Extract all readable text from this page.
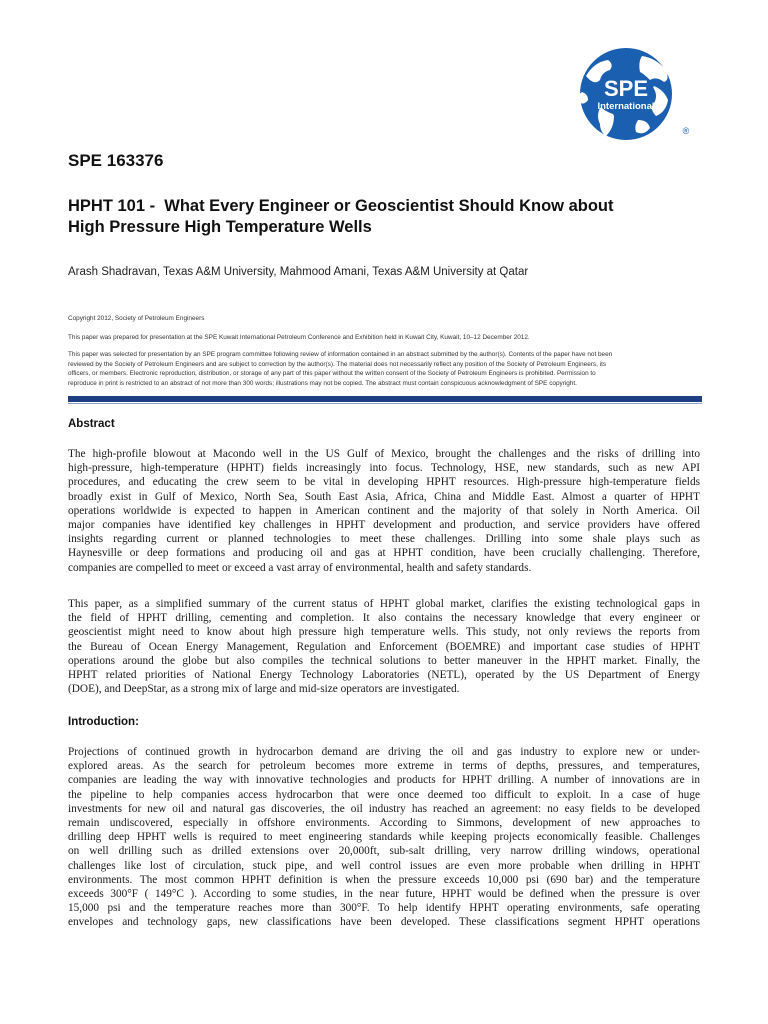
SPE
International
®
SPE 163376
HPHT 101 -  What Every Engineer or Geoscientist Should Know about
High Pressure High Temperature Wells
Arash Shadravan, Texas A&M University, Mahmood Amani, Texas A&M University at Qatar
Copyright 2012, Society of Petroleum Engineers
This paper was prepared for presentation at the SPE Kuwait International Petroleum Conference and Exhibition held in Kuwait City, Kuwait, 10–12 December 2012.
This paper was selected for presentation by an SPE program committee following review of information contained in an abstract submitted by the author(s). Contents of the paper have not been
reviewed by the Society of Petroleum Engineers and are subject to correction by the author(s). The material does not necessarily reflect any position of the Society of Petroleum Engineers, its
officers, or members. Electronic reproduction, distribution, or storage of any part of this paper without the written consent of the Society of Petroleum Engineers is prohibited. Permission to
reproduce in print is restricted to an abstract of not more than 300 words; illustrations may not be copied. The abstract must contain conspicuous acknowledgment of SPE copyright.
Abstract
The high-profile blowout at Macondo well in the US Gulf of Mexico, brought the challenges and the risks of drilling into
high-pressure, high-temperature (HPHT) fields increasingly into focus. Technology, HSE, new standards, such as new API
procedures, and educating the crew seem to be vital in developing HPHT resources. High-pressure high-temperature fields
broadly exist in Gulf of Mexico, North Sea, South East Asia, Africa, China and Middle East. Almost a quarter of HPHT
operations worldwide is expected to happen in American continent and the majority of that solely in North America. Oil
major companies have identified key challenges in HPHT development and production, and service providers have offered
insights regarding current or planned technologies to meet these challenges. Drilling into some shale plays such as
Haynesville or deep formations and producing oil and gas at HPHT condition, have been crucially challenging. Therefore,
companies are compelled to meet or exceed a vast array of environmental, health and safety standards.
This paper, as a simplified summary of the current status of HPHT global market, clarifies the existing technological gaps in
the field of HPHT drilling, cementing and completion. It also contains the necessary knowledge that every engineer or
geoscientist might need to know about high pressure high temperature wells. This study, not only reviews the reports from
the Bureau of Ocean Energy Management, Regulation and Enforcement (BOEMRE) and important case studies of HPHT
operations around the globe but also compiles the technical solutions to better maneuver in the HPHT market. Finally, the
HPHT related priorities of National Energy Technology Laboratories (NETL), operated by the US Department of Energy
(DOE), and DeepStar, as a strong mix of large and mid-size operators are investigated.
Introduction:
Projections of continued growth in hydrocarbon demand are driving the oil and gas industry to explore new or under-
explored areas. As the search for petroleum becomes more extreme in terms of depths, pressures, and temperatures,
companies are leading the way with innovative technologies and products for HPHT drilling. A number of innovations are in
the pipeline to help companies access hydrocarbon that were once deemed too difficult to exploit. In a case of huge
investments for new oil and natural gas discoveries, the oil industry has reached an agreement: no easy fields to be developed
remain undiscovered, especially in offshore environments. According to Simmons, development of new approaches to
drilling deep HPHT wells is required to meet engineering standards while keeping projects economically feasible. Challenges
on well drilling such as drilled extensions over 20,000ft, sub-salt drilling, very narrow drilling windows, operational
challenges like lost of circulation, stuck pipe, and well control issues are even more probable when drilling in HPHT
environments. The most common HPHT definition is when the pressure exceeds 10,000 psi (690 bar) and the temperature
exceeds 300°F ( 149°C ). According to some studies, in the near future, HPHT would be defined when the pressure is over
15,000 psi and the temperature reaches more than 300°F. To help identify HPHT operating environments, safe operating
envelopes and technology gaps, new classifications have been developed. These classifications segment HPHT operations
